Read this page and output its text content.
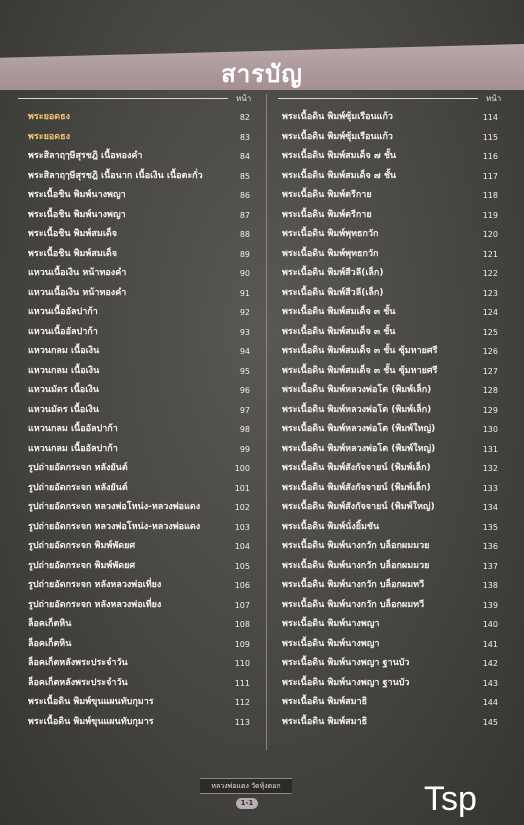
สารบัญ
หน้า	หน้า
พระยอดธง	82
พระยอดธง	83
พระสิลาฤๅษีสุรชฎิ เนื้อทองคำ	84
พระสิลาฤๅษีสุรชฎิ เนื้อนาก เนื้อเงิน เนื้อตะกั่ว	85
พระเนื้อชิน พิมพ์นางพญา	86
พระเนื้อชิน พิมพ์นางพญา	87
พระเนื้อชิน พิมพ์สมเด็จ	88
พระเนื้อชิน พิมพ์สมเด็จ	89
แหวนเนื้อเงิน หน้าทองคำ	90
แหวนเนื้อเงิน หน้าทองคำ	91
แหวนเนื้ออัลปาก้า	92
แหวนเนื้ออัลปาก้า	93
แหวนกลม เนื้อเงิน	94
แหวนกลม เนื้อเงิน	95
แหวนมัดร เนื้อเงิน	96
แหวนมัดร เนื้อเงิน	97
แหวนกลม เนื้ออัลปาก้า	98
แหวนกลม เนื้ออัลปาก้า	99
รูปถ่ายอัดกระจก หลังยันต์	100
รูปถ่ายอัดกระจก หลังยันต์	101
รูปถ่ายอัดกระจก หลวงพ่อโหน่ง-หลวงพ่อแดง	102
รูปถ่ายอัดกระจก หลวงพ่อโหน่ง-หลวงพ่อแดง	103
รูปถ่ายอัดกระจก พิมพ์พัดยศ	104
รูปถ่ายอัดกระจก พิมพ์พัดยศ	105
รูปถ่ายอัดกระจก หลังหลวงพ่อเที่ยง	106
รูปถ่ายอัดกระจก หลังหลวงพ่อเที่ยง	107
ล็อคเก็ตหิน	108
ล็อคเก็ตหิน	109
ล็อคเก็ตหลังพระประจำวัน	110
ล็อคเก็ตหลังพระประจำวัน	111
พระเนื้อดิน พิมพ์ขุนแผนทับกุมาร	112
พระเนื้อดิน พิมพ์ขุนแผนทับกุมาร	113
พระเนื้อดิน พิมพ์ซุ้มเรือนแก้ว	114
พระเนื้อดิน พิมพ์ซุ้มเรือนแก้ว	115
พระเนื้อดิน พิมพ์สมเด็จ ๗ ชั้น	116
พระเนื้อดิน พิมพ์สมเด็จ ๗ ชั้น	117
พระเนื้อดิน พิมพ์ตรีกาย	118
พระเนื้อดิน พิมพ์ตรีกาย	119
พระเนื้อดิน พิมพ์พุทธกวัก	120
พระเนื้อดิน พิมพ์พุทธกวัก	121
พระเนื้อดิน พิมพ์สีวลี(เล็ก)	122
พระเนื้อดิน พิมพ์สีวลี(เล็ก)	123
พระเนื้อดิน พิมพ์สมเด็จ ๓ ชั้น	124
พระเนื้อดิน พิมพ์สมเด็จ ๓ ชั้น	125
พระเนื้อดิน พิมพ์สมเด็จ ๓ ชั้น ซุ้มหายศรี	126
พระเนื้อดิน พิมพ์สมเด็จ ๓ ชั้น ซุ้มหายศรี	127
พระเนื้อดิน พิมพ์หลวงพ่อโต (พิมพ์เล็ก)	128
พระเนื้อดิน พิมพ์หลวงพ่อโต (พิมพ์เล็ก)	129
พระเนื้อดิน พิมพ์หลวงพ่อโต (พิมพ์ใหญ่)	130
พระเนื้อดิน พิมพ์หลวงพ่อโต (พิมพ์ใหญ่)	131
พระเนื้อดิน พิมพ์สังกัจจายน์ (พิมพ์เล็ก)	132
พระเนื้อดิน พิมพ์สังกัจจายน์ (พิมพ์เล็ก)	133
พระเนื้อดิน พิมพ์สังกัจจายน์ (พิมพ์ใหญ่)	134
พระเนื้อดิน พิมพ์นั่งยิ้มชัน	135
พระเนื้อดิน พิมพ์นางกวัก บล็อกผมมวย	136
พระเนื้อดิน พิมพ์นางกวัก บล็อกผมมวย	137
พระเนื้อดิน พิมพ์นางกวัก บล็อกผมทวี	138
พระเนื้อดิน พิมพ์นางกวัก บล็อกผมทวี	139
พระเนื้อดิน พิมพ์นางพญา	140
พระเนื้อดิน พิมพ์นางพญา	141
พระเนื้อดิน พิมพ์นางพญา ฐานบัว	142
พระเนื้อดิน พิมพ์นางพญา ฐานบัว	143
พระเนื้อดิน พิมพ์สมาธิ	144
พระเนื้อดิน พิมพ์สมาธิ	145
หลวงพ่อแดง วัดหุ้งตอก
1-1	Tsp
